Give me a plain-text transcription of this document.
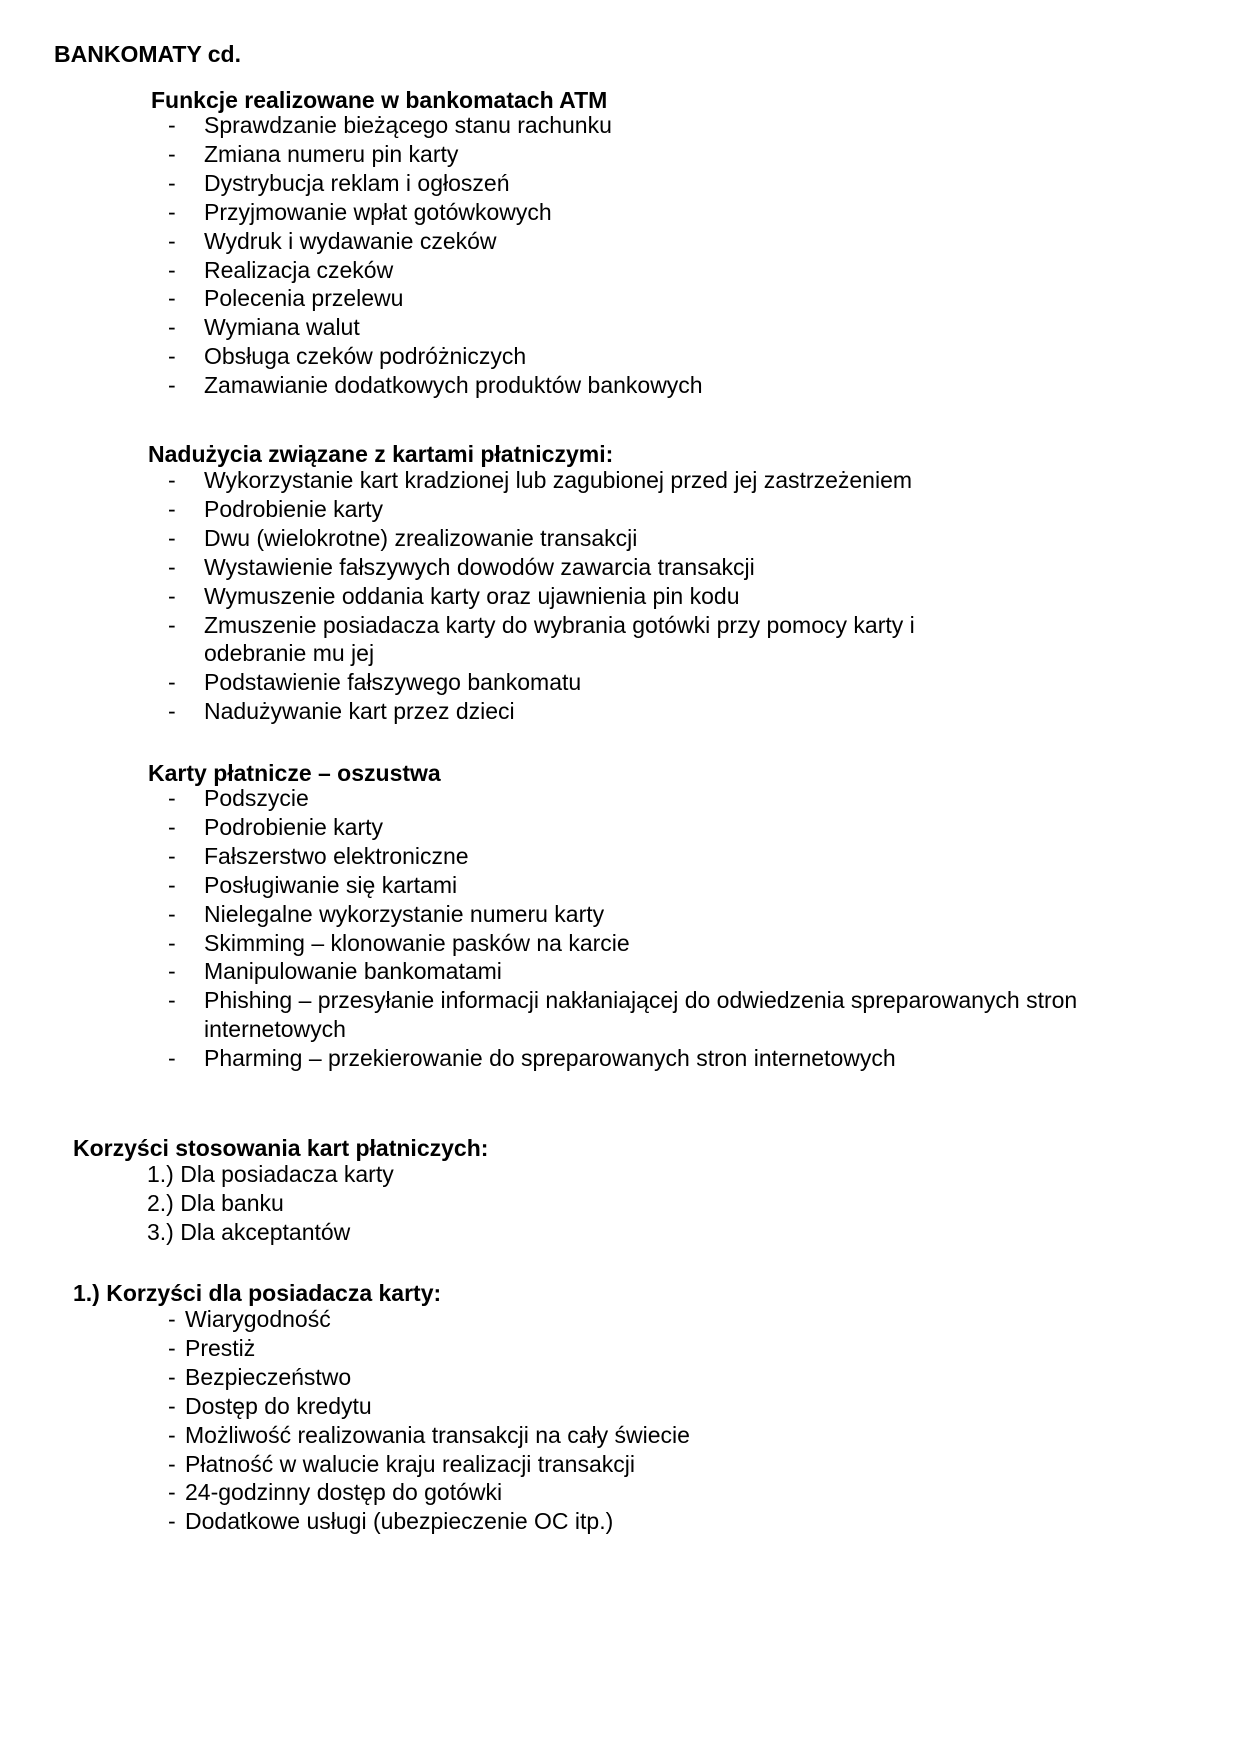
BANKOMATY cd.
Funkcje realizowane w bankomatach ATM
- Sprawdzanie bieżącego stanu rachunku
- Zmiana numeru pin karty
- Dystrybucja reklam i ogłoszeń
- Przyjmowanie wpłat gotówkowych
- Wydruk i wydawanie czeków
- Realizacja czeków
- Polecenia przelewu
- Wymiana walut
- Obsługa czeków podróżniczych
- Zamawianie dodatkowych produktów bankowych
Nadużycia związane z kartami płatniczymi:
- Wykorzystanie kart kradzionej lub zagubionej przed jej zastrzeżeniem
- Podrobienie karty
- Dwu (wielokrotne) zrealizowanie transakcji
- Wystawienie fałszywych dowodów zawarcia transakcji
- Wymuszenie oddania karty oraz ujawnienia pin kodu
- Zmuszenie posiadacza karty do wybrania gotówki przy pomocy karty i odebranie mu jej
- Podstawienie fałszywego bankomatu
- Nadużywanie kart przez dzieci
Karty płatnicze – oszustwa
- Podszycie
- Podrobienie karty
- Fałszerstwo elektroniczne
- Posługiwanie się kartami
- Nielegalne wykorzystanie numeru karty
- Skimming – klonowanie pasków na karcie
- Manipulowanie bankomatami
- Phishing – przesyłanie informacji nakłaniającej do odwiedzenia spreparowanych stron internetowych
- Pharming – przekierowanie do spreparowanych stron internetowych
Korzyści stosowania kart płatniczych:
1.) Dla posiadacza karty
2.) Dla banku
3.) Dla akceptantów
1.) Korzyści dla posiadacza karty:
- Wiarygodność
- Prestiż
- Bezpieczeństwo
- Dostęp do kredytu
- Możliwość realizowania transakcji na cały świecie
- Płatność w walucie kraju realizacji transakcji
- 24-godzinny dostęp do gotówki
- Dodatkowe usługi (ubezpieczenie OC itp.)
